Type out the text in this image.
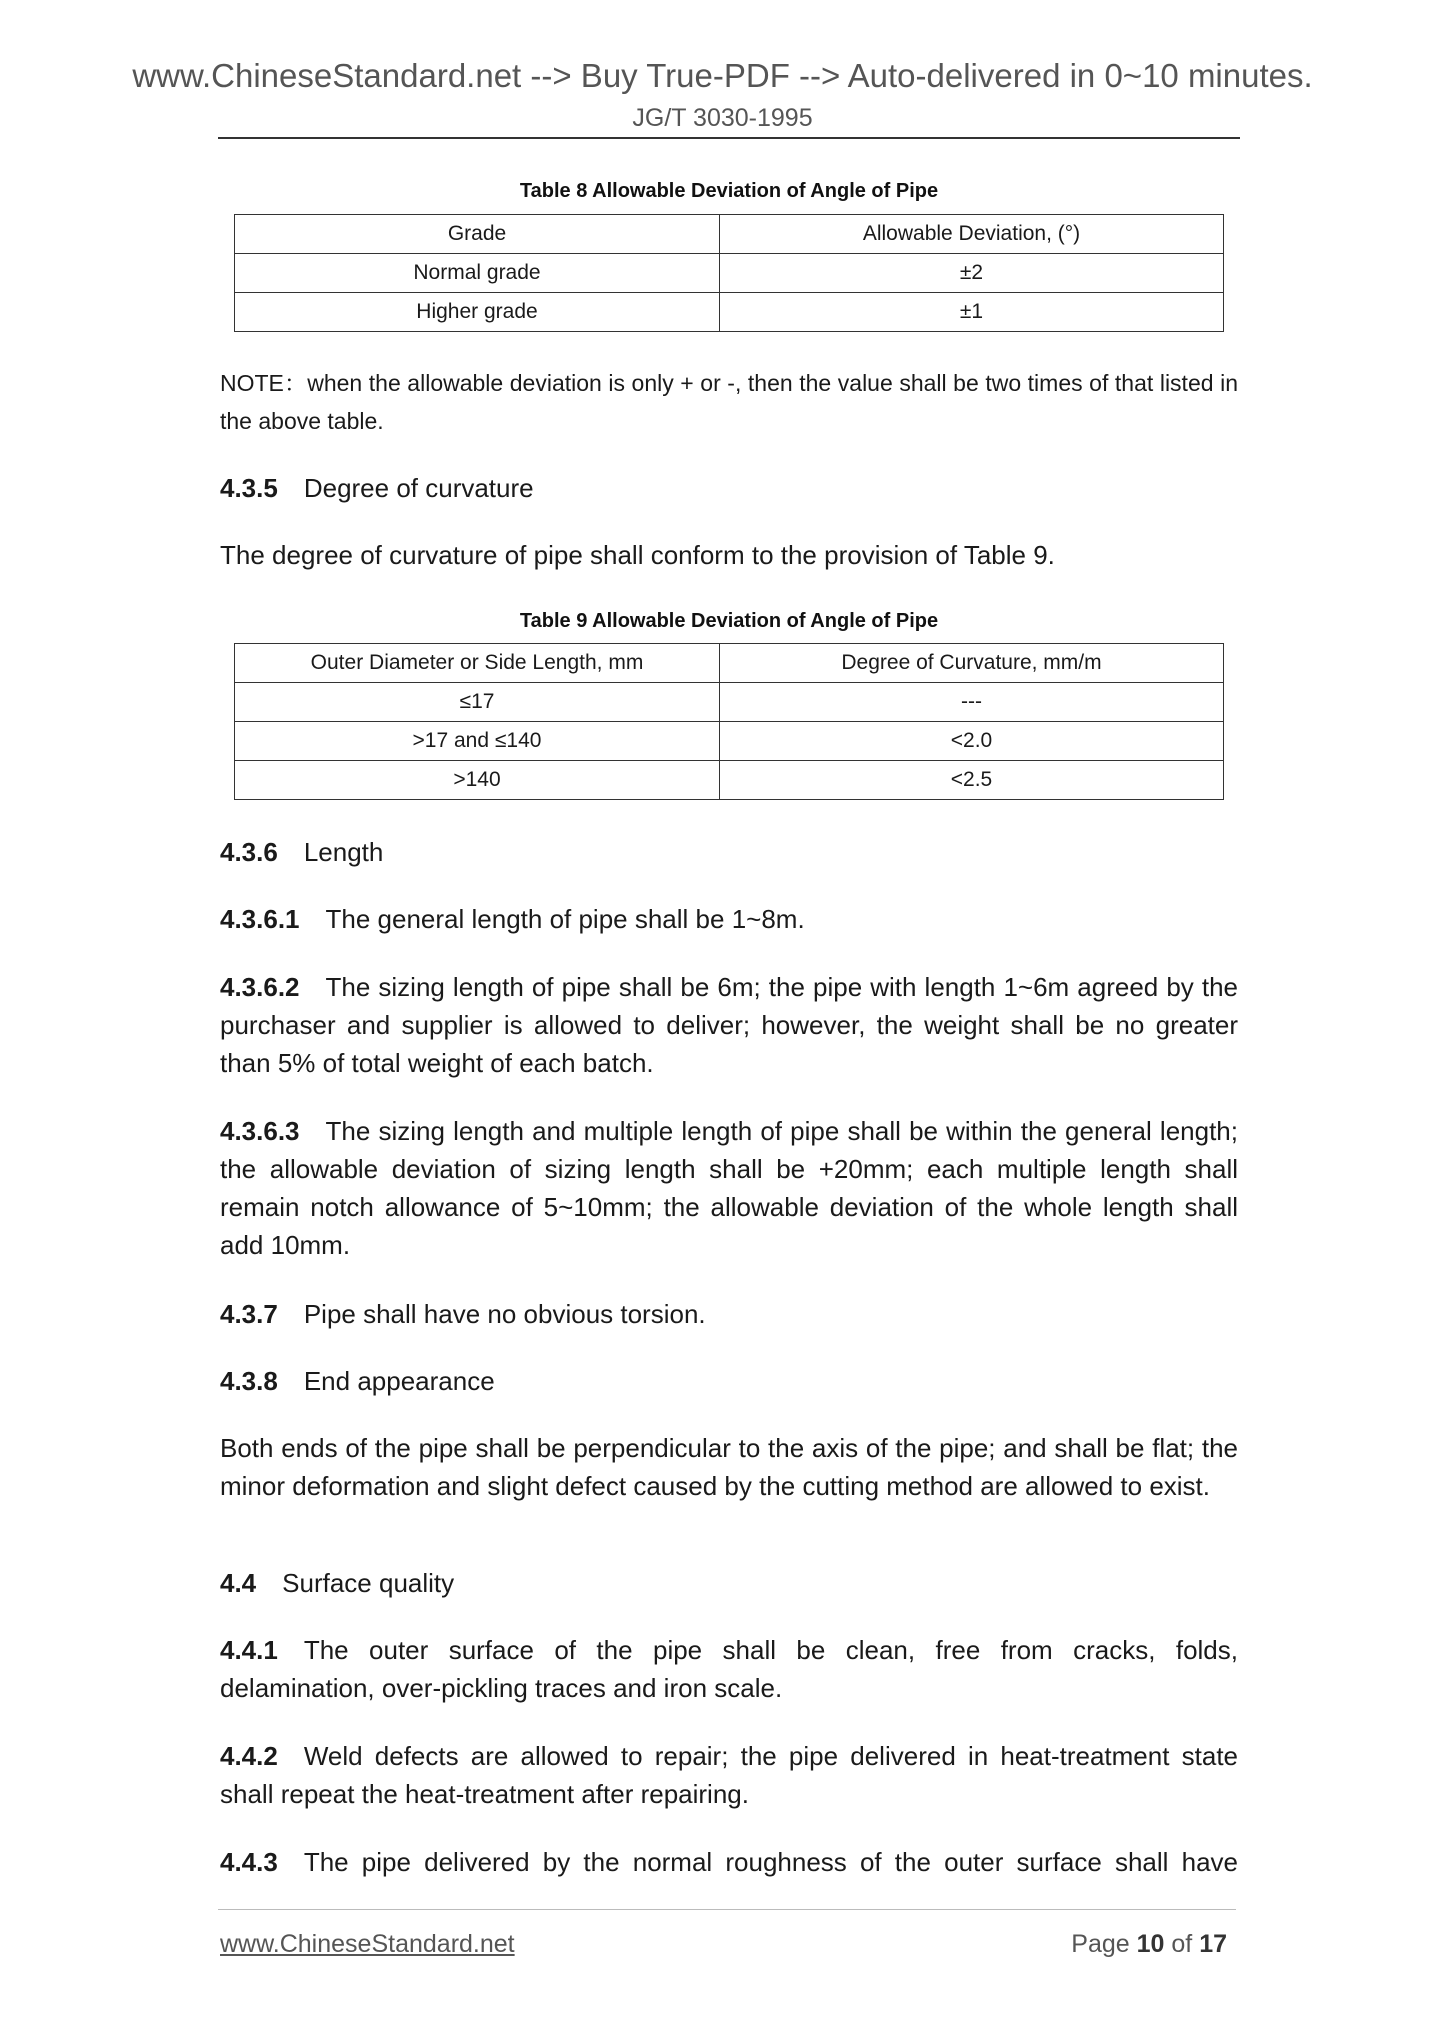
www.ChineseStandard.net --> Buy True-PDF --> Auto-delivered in 0~10 minutes.
JG/T 3030-1995
Table 8 Allowable Deviation of Angle of Pipe
Grade	Allowable Deviation, (°)
Normal grade	±2
Higher grade	±1
NOTE：when the allowable deviation is only + or -, then the value shall be two times of that listed in the above table.
4.3.5 Degree of curvature
The degree of curvature of pipe shall conform to the provision of Table 9.
Table 9 Allowable Deviation of Angle of Pipe
Outer Diameter or Side Length, mm	Degree of Curvature, mm/m
≤17	---
>17 and ≤140	<2.0
>140	<2.5
4.3.6 Length
4.3.6.1 The general length of pipe shall be 1~8m.
4.3.6.2 The sizing length of pipe shall be 6m; the pipe with length 1~6m agreed by the purchaser and supplier is allowed to deliver; however, the weight shall be no greater than 5% of total weight of each batch.
4.3.6.3 The sizing length and multiple length of pipe shall be within the general length; the allowable deviation of sizing length shall be +20mm; each multiple length shall remain notch allowance of 5~10mm; the allowable deviation of the whole length shall add 10mm.
4.3.7 Pipe shall have no obvious torsion.
4.3.8 End appearance
Both ends of the pipe shall be perpendicular to the axis of the pipe; and shall be flat; the minor deformation and slight defect caused by the cutting method are allowed to exist.
4.4 Surface quality
4.4.1 The outer surface of the pipe shall be clean, free from cracks, folds, delamination, over-pickling traces and iron scale.
4.4.2 Weld defects are allowed to repair; the pipe delivered in heat-treatment state shall repeat the heat-treatment after repairing.
4.4.3 The pipe delivered by the normal roughness of the outer surface shall have
www.ChineseStandard.net	Page 10 of 17
